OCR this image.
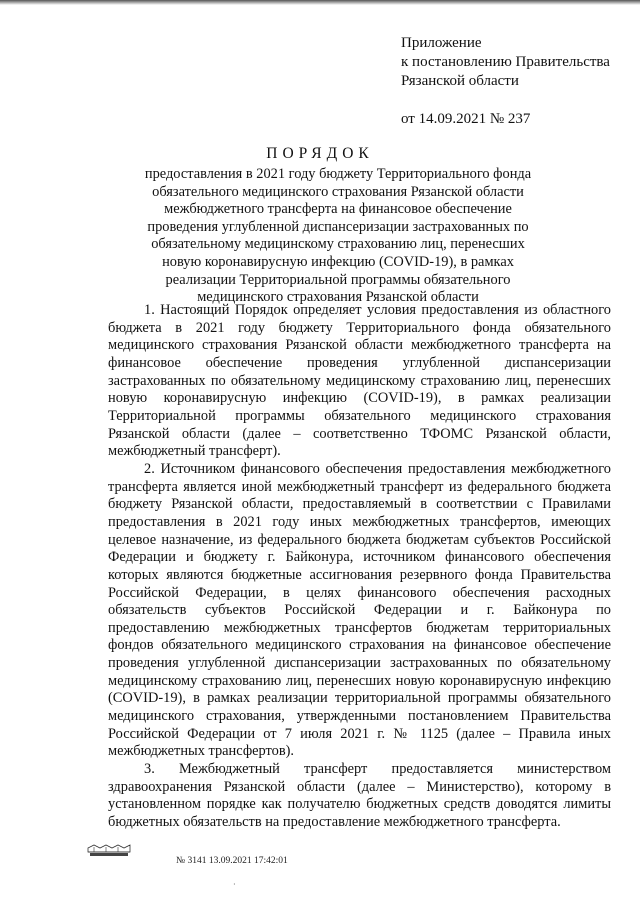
Приложение
к постановлению Правительства
Рязанской области
от 14.09.2021 № 237
ПОРЯДОК
предоставления в 2021 году бюджету Территориального фонда обязательного медицинского страхования Рязанской области межбюджетного трансферта на финансовое обеспечение проведения углубленной диспансеризации застрахованных по обязательному медицинскому страхованию лиц, перенесших новую коронавирусную инфекцию (COVID-19), в рамках реализации Территориальной программы обязательного медицинского страхования Рязанской области

1. Настоящий Порядок определяет условия предоставления из областного бюджета в 2021 году бюджету Территориального фонда обязательного медицинского страхования Рязанской области межбюджетного трансферта на финансовое обеспечение проведения углубленной диспансеризации застрахованных по обязательному медицинскому страхованию лиц, перенесших новую коронавирусную инфекцию (COVID-19), в рамках реализации Территориальной программы обязательного медицинского страхования Рязанской области (далее – соответственно ТФОМС Рязанской области, межбюджетный трансферт).

2. Источником финансового обеспечения предоставления межбюджетного трансферта является иной межбюджетный трансферт из федерального бюджета бюджету Рязанской области, предоставляемый в соответствии с Правилами предоставления в 2021 году иных межбюджетных трансфертов, имеющих целевое назначение, из федерального бюджета бюджетам субъектов Российской Федерации и бюджету г. Байконура, источником финансового обеспечения которых являются бюджетные ассигнования резервного фонда Правительства Российской Федерации, в целях финансового обеспечения расходных обязательств субъектов Российской Федерации и г. Байконура по предоставлению межбюджетных трансфертов бюджетам территориальных фондов обязательного медицинского страхования на финансовое обеспечение проведения углубленной диспансеризации застрахованных по обязательному медицинскому страхованию лиц, перенесших новую коронавирусную инфекцию (COVID-19), в рамках реализации территориальной программы обязательного медицинского страхования, утвержденными постановлением Правительства Российской Федерации от 7 июля 2021 г. № 1125 (далее – Правила иных межбюджетных трансфертов).

3. Межбюджетный трансферт предоставляется министерством здравоохранения Рязанской области (далее – Министерство), которому в установленном порядке как получателю бюджетных средств доводятся лимиты бюджетных обязательств на предоставление межбюджетного трансферта.

№ 3141 13.09.2021 17:42:01
·
